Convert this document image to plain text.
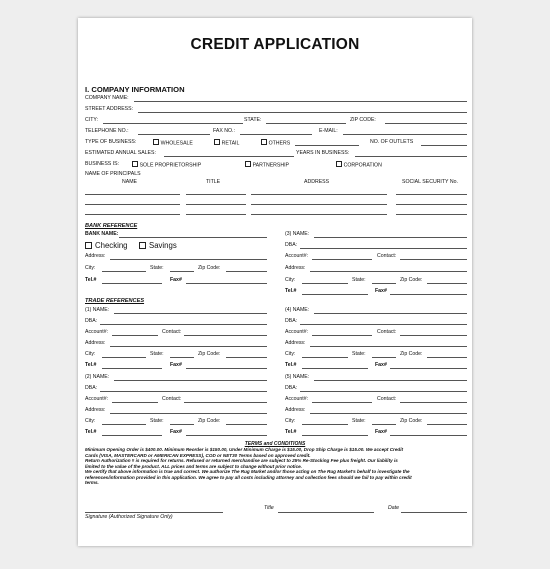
CREDIT APPLICATION
I. COMPANY INFORMATION
COMPANY NAME:
STREET ADDRESS:
CITY:	STATE:	ZIP CODE:
TELEPHONE NO.:	FAX NO.:	E-MAIL:
TYPE OF BUSINESS:	WHOLESALE	RETAIL	OTHERS	NO. OF OUTLETS
ESTIMATED ANNUAL SALES:	YEARS IN BUSINESS:
BUSINESS IS:	SOLE PROPRIETORSHIP	PARTNERSHIP	CORPORATION
NAME OF PRINCIPALS
NAME	TITLE	ADDRESS	SOCIAL SECURITY No.
BANK REFERENCE
BANK NAME:
Checking	Savings
Address:
City:	State:	Zip Code:
Tel.#	Fax#
(3) NAME:
DBA:
Account#:	Contact:
Address:
City:	State:	Zip Code:
Tel.#	Fax#
TRADE REFERENCES
(1) NAME:
DBA:
Account#:	Contact:
Address:
City:	State:	Zip Code:
Tel.#	Fax#
(4) NAME:
DBA:
Account#:	Contact:
Address:
City:	State:	Zip Code:
Tel.#	Fax#
(2) NAME:
DBA:
Account#:	Contact:
Address:
City:	State:	Zip Code:
Tel.#	Fax#
(5) NAME:
DBA:
Account#:	Contact:
Address:
City:	State:	Zip Code:
Tel.#	Fax#
TERMS and CONDITIONS
Minimum Opening Order is $400.00. Minimum Reorder is $150.00, Under Minimum Charge is $15.00, Drop Ship Charge is $15.00. We accept Credit
Cards (VISA, MASTERCARD or AMERICAN EXPRESS), COD or NET30 Terms based on approved credit.
Return Authorization # is required for returns. Refused or returned merchandise are subject to 25% Re-Stocking Fee plus freight. Our liability is
limited to the value of the product. ALL prices and terms are subject to change without prior notice.
We certify that above information is true and correct. We authorize The Rug Market and/or those acting on The Rug Market's behalf to investigate the
references/information provided in this application. We agree to pay all costs including attorney and collection fees should we fail to pay within credit
terms.
Signature (Authorized Signature Only)
Title	Date
